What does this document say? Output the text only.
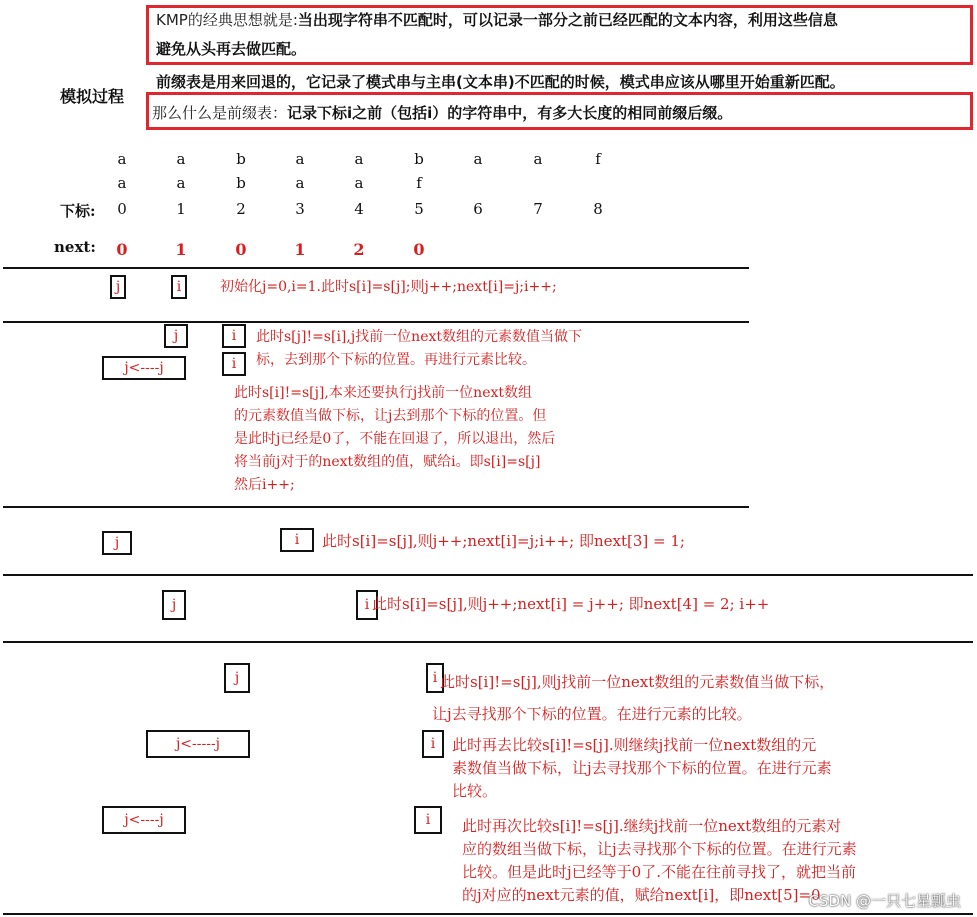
KMP的经典思想就是:当出现字符串不匹配时，可以记录一部分之前已经匹配的文本内容，利用这些信息
避免从头再去做匹配。
前缀表是用来回退的，它记录了模式串与主串(文本串)不匹配的时候，模式串应该从哪里开始重新匹配。
那么什么是前缀表：记录下标i之前（包括i）的字符串中，有多大长度的相同前缀后缀。
模拟过程
a	a	b	a	a	b	a	a	f
a	a	b	a	a	f
下标:	0	1	2	3	4	5	6	7	8
next: 0	1	0	1	2	0
j	i	初始化j=0,i=1.此时s[i]=s[j];则j++;next[i]=j;i++;
j	i
j<----j	i
此时s[j]!=s[i],j找前一位next数组的元素数值当做下
标，去到那个下标的位置。再进行元素比较。
此时s[i]!=s[j],本来还要执行j找前一位next数组
的元素数值当做下标，让j去到那个下标的位置。但
是此时j已经是0了，不能在回退了，所以退出，然后
将当前j对于的next数组的值，赋给i。即s[i]=s[j]
然后i++;
j	i	此时s[i]=s[j],则j++;next[i]=j;i++; 即next[3] = 1;
j	i 此时s[i]=s[j],则j++;next[i] = j++; 即next[4] = 2; i++
j	i 此时s[i]!=s[j],则j找前一位next数组的元素数值当做下标，
让j去寻找那个下标的位置。在进行元素的比较。
j<-----j	i	此时再去比较s[i]!=s[j].则继续j找前一位next数组的元
素数值当做下标，让j去寻找那个下标的位置。在进行元素
比较。
j<----j	i	此时再次比较s[i]!=s[j].继续j找前一位next数组的元素对
应的数组当做下标，让j去寻找那个下标的位置。在进行元素
比较。但是此时j已经等于0了.不能在往前寻找了，就把当前
的j对应的next元素的值，赋给next[i]，即next[5]=0
CSDN @一只七星瓢虫
